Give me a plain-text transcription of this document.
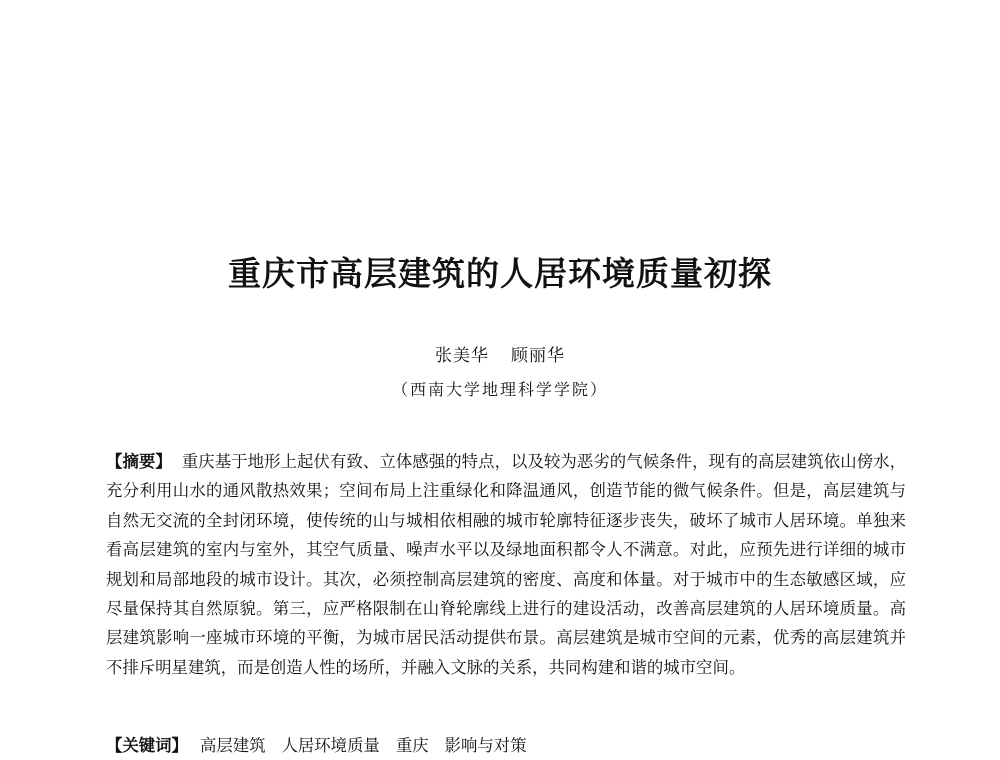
重庆市高层建筑的人居环境质量初探
张美华 顾丽华
（西南大学地理科学学院）
【摘要】 重庆基于地形上起伏有致、立体感强的特点，以及较为恶劣的气候条件，现有的高层建筑依山傍水，充分利用山水的通风散热效果；空间布局上注重绿化和降温通风，创造节能的微气候条件。但是，高层建筑与自然无交流的全封闭环境，使传统的山与城相依相融的城市轮廓特征逐步丧失，破坏了城市人居环境。单独来看高层建筑的室内与室外，其空气质量、噪声水平以及绿地面积都令人不满意。对此，应预先进行详细的城市规划和局部地段的城市设计。其次，必须控制高层建筑的密度、高度和体量。对于城市中的生态敏感区域，应尽量保持其自然原貌。第三，应严格限制在山脊轮廓线上进行的建设活动，改善高层建筑的人居环境质量。高层建筑影响一座城市环境的平衡，为城市居民活动提供布景。高层建筑是城市空间的元素，优秀的高层建筑并不排斥明星建筑，而是创造人性的场所，并融入文脉的关系，共同构建和谐的城市空间。
【关键词】 高层建筑 人居环境质量 重庆 影响与对策
